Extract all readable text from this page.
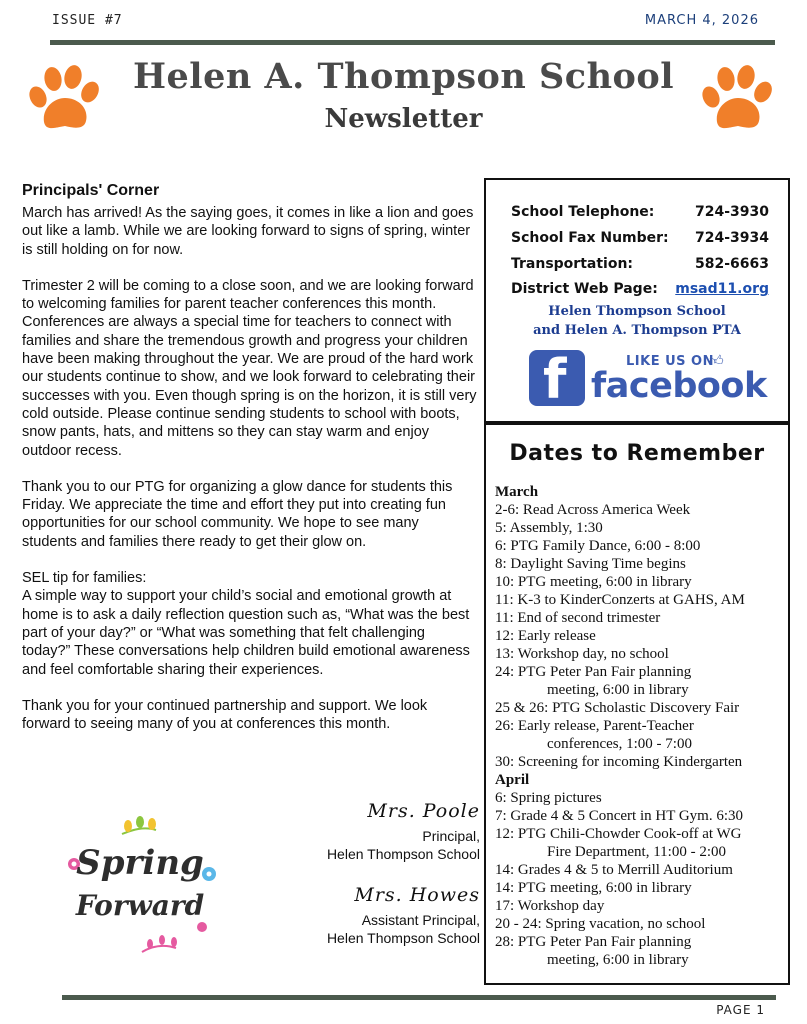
ISSUE #7	MARCH 4, 2026
Helen A. Thompson School
Newsletter
Principals' Corner

March has arrived! As the saying goes, it comes in like a lion and goes out like a lamb. While we are looking forward to signs of spring, winter is still holding on for now.

Trimester 2 will be coming to a close soon, and we are looking forward to welcoming families for parent teacher conferences this month. Conferences are always a special time for teachers to connect with families and share the tremendous growth and progress your children have been making throughout the year. We are proud of the hard work our students continue to show, and we look forward to celebrating their successes with you. Even though spring is on the horizon, it is still very cold outside. Please continue sending students to school with boots, snow pants, hats, and mittens so they can stay warm and enjoy outdoor recess.

Thank you to our PTG for organizing a glow dance for students this Friday. We appreciate the time and effort they put into creating fun opportunities for our school community. We hope to see many students and families there ready to get their glow on.

SEL tip for families:

A simple way to support your child’s social and emotional growth at home is to ask a daily reflection question such as, “What was the best part of your day?” or “What was something that felt challenging today?” These conversations help children build emotional awareness and feel comfortable sharing their experiences.

Thank you for your continued partnership and support. We look forward to seeing many of you at conferences this month.

Mrs. Poole
Principal,
Helen Thompson School
Mrs. Howes
Assistant Principal,
Helen Thompson School
Spring
Forward
School Telephone:	724-3930
School Fax Number: 724-3934
Transportation:	582-6663
District Web Page: msad11.org
Helen Thompson School
and Helen A. Thompson PTA
f	LIKE US ON
👍︎
facebook
Dates to Remember
March
2-6: Read Across America Week
5: Assembly, 1:30
6: PTG Family Dance, 6:00 - 8:00
8: Daylight Saving Time begins
10: PTG meeting, 6:00 in library
11: K-3 to KinderConzerts at GAHS, AM
11: End of second trimester
12: Early release
13: Workshop day, no school
24: PTG Peter Pan Fair planning
meeting, 6:00 in library
25 & 26: PTG Scholastic Discovery Fair
26: Early release, Parent-Teacher
conferences, 1:00 - 7:00
30: Screening for incoming Kindergarten
April
6: Spring pictures
7: Grade 4 & 5 Concert in HT Gym. 6:30
12: PTG Chili-Chowder Cook-off at WG
Fire Department, 11:00 - 2:00
14: Grades 4 & 5 to Merrill Auditorium
14: PTG meeting, 6:00 in library
17: Workshop day
20 - 24: Spring vacation, no school
28: PTG Peter Pan Fair planning
meeting, 6:00 in library
PAGE 1
